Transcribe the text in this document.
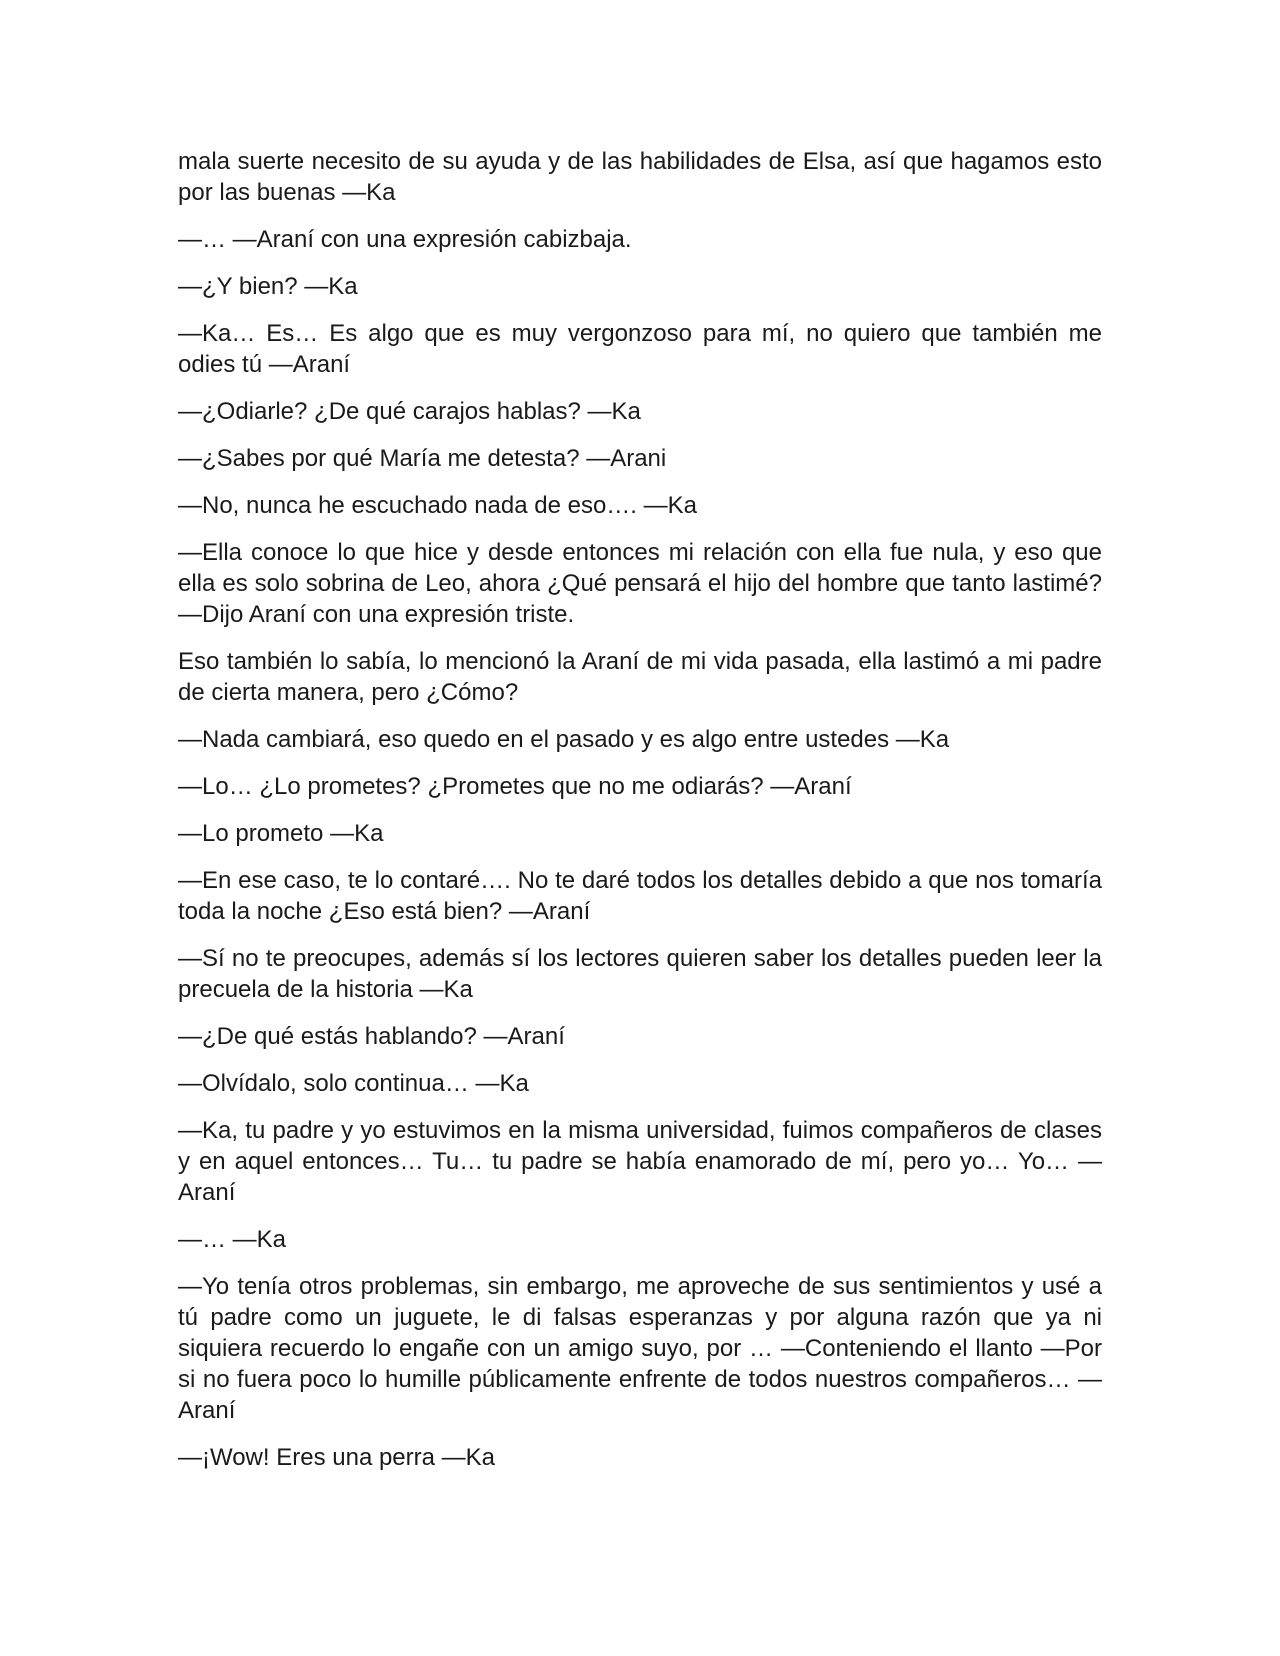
mala suerte necesito de su ayuda y de las habilidades de Elsa, así que hagamos esto por las buenas —Ka

—… —Araní con una expresión cabizbaja.

—¿Y bien? —Ka

—Ka… Es… Es algo que es muy vergonzoso para mí, no quiero que también me odies tú —Araní

—¿Odiarle? ¿De qué carajos hablas? —Ka

—¿Sabes por qué María me detesta? —Arani

—No, nunca he escuchado nada de eso…. —Ka

—Ella conoce lo que hice y desde entonces mi relación con ella fue nula, y eso que ella es solo sobrina de Leo, ahora ¿Qué pensará el hijo del hombre que tanto lastimé? —Dijo Araní con una expresión triste.

Eso también lo sabía, lo mencionó la Araní de mi vida pasada, ella lastimó a mi padre de cierta manera, pero ¿Cómo?

—Nada cambiará, eso quedo en el pasado y es algo entre ustedes —Ka

—Lo… ¿Lo prometes? ¿Prometes que no me odiarás? —Araní

—Lo prometo —Ka

—En ese caso, te lo contaré…. No te daré todos los detalles debido a que nos tomaría toda la noche ¿Eso está bien? —Araní

—Sí no te preocupes, además sí los lectores quieren saber los detalles pueden leer la precuela de la historia —Ka

—¿De qué estás hablando? —Araní

—Olvídalo, solo continua… —Ka

—Ka, tu padre y yo estuvimos en la misma universidad, fuimos compañeros de clases y en aquel entonces… Tu… tu padre se había enamorado de mí, pero yo… Yo… —Araní

—… —Ka

—Yo tenía otros problemas, sin embargo, me aproveche de sus sentimientos y usé a tú padre como un juguete, le di falsas esperanzas y por alguna razón que ya ni siquiera recuerdo lo engañe con un amigo suyo, por … —Conteniendo el llanto —Por si no fuera poco lo humille públicamente enfrente de todos nuestros compañeros… —Araní

—¡Wow! Eres una perra —Ka
